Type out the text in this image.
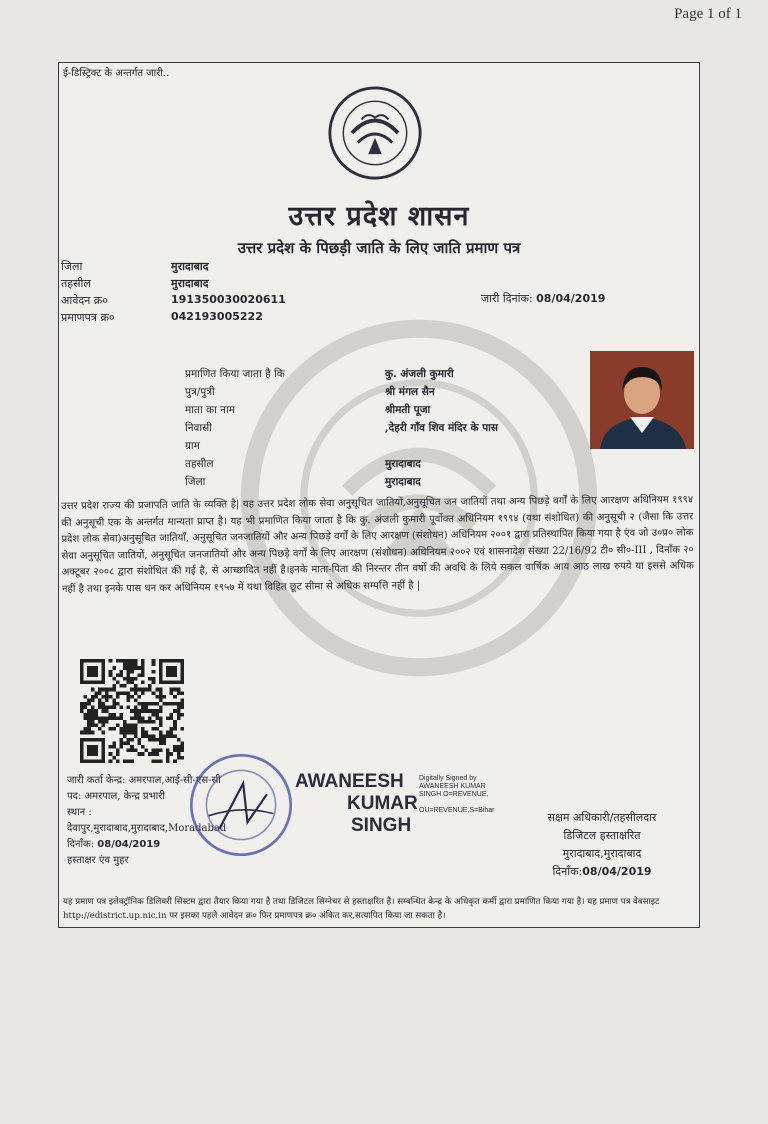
Page 1 of 1
ई-डिस्ट्रिक्ट के अन्तर्गत जारी..
उत्तर प्रदेश शासन
उत्तर प्रदेश के पिछड़ी जाति के लिए जाति प्रमाण पत्र
जिला	मुरादाबाद
तहसील	मुरादाबाद
आवेदन क्र०	191350030020611
प्रमाणपत्र क्र०	042193005222
जारी दिनांक: 08/04/2019
प्रमाणित किया जाता है कि	कु. अंजली कुमारी
पुत्र/पुत्री	श्री मंगल सैन
माता का नाम	श्रीमती पूजा
निवासी	,देहरी गाँव शिव मंदिर के पास
ग्राम
तहसील	मुरादाबाद
जिला	मुरादाबाद
उत्तर प्रदेश राज्य की प्रजापति जाति के व्यक्ति है| यह उत्तर प्रदेश लोक सेवा अनुसूचित जातियों,अनुसूचित जन जातियों तथा अन्य पिछड़े वर्गों के लिए आरक्षण अधिनियम १९९४ की अनुसूची एक के अन्तर्गत मान्यता प्राप्त है। यह भी प्रमाणित किया जाता है कि कु. अंजली कुमारी पूर्वोक्त अधिनियम १९९४ (यथा संशोधित) की अनुसूची २ (जैसा कि उत्तर प्रदेश लोक सेवा)अनुसूचित जातियाँ, अनुसूचित जनजातियों और अन्य पिछड़े वर्गों के लिए आरक्षण (संशोधन) अधिनियम २००१ द्वारा प्रतिस्थापित किया गया है एंव जो उ०प्र० लोक सेवा अनुसूचित जातियों, अनुसूचित जनजातियों और अन्य पिछड़े वर्गों के लिए आरक्षण (संशोधन) अधिनियम २००२ एवं शासनादेश संख्या 22/16/92 टी० सी०-III , दिनाँक २० अक्टूबर २००८ द्वारा संशोधित की गई है, से आच्छादित नहीं है।इनके माता-पिता की निरन्तर तीन वर्षों की अवधि के लिये सकल वार्षिक आय आठ लाख रुपये या इससे अधिक नहीं है तथा इनके पास धन कर अधिनियम १९५७ में यथा विहित छूट सीमा से अधिक सम्पत्ति नहीं है |
जारी कर्ता केन्द्र: अमरपाल,आई-सी-एस-सी
पद: अमरपाल, केन्द्र प्रभारी
स्थान :
देवापुर,मुरादाबाद,मुरादाबाद,Moradabad
दिनाँक: 08/04/2019
हस्ताक्षर एंव मुहर
AWANEESH
KUMAR
SINGH
Digitally Signed by AWANEESH KUMAR SINGH O=REVENUE,
OU=REVENUE,S=Bihar
सक्षम अधिकारी/तहसीलदार
डिजिटल हस्ताक्षरित
मुरादाबाद,मुरादाबाद
दिनाँक:08/04/2019
यह प्रमाण पत्र इलेक्ट्रॉनिक डिलिवरी सिस्टम द्वारा तैयार किया गया है तथा डिजिटल सिग्नेचर से हस्ताक्षरित है। सम्बन्धित केन्द्र के अधिकृत कर्मी द्वारा प्रमाणित किया गया है। यह प्रमाण पत्र वेबसाइट http://edistrict.up.nic.in पर इसका पहले आवेदन क्र० फिर प्रमाणपत्र क्र० अंकित कर,सत्यापित किया जा सकता है।
